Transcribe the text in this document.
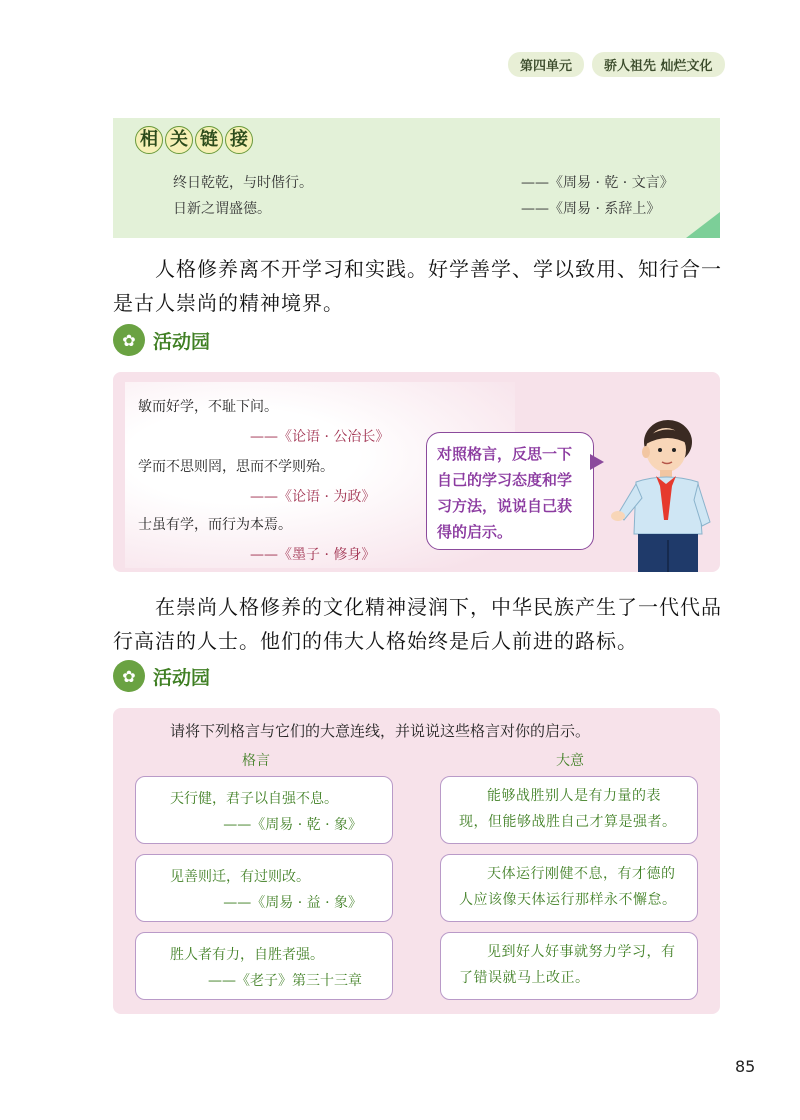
第四单元	骄人祖先 灿烂文化
相 关 链 接
终日乾乾，与时偕行。	——《周易 · 乾 · 文言》
日新之谓盛德。	——《周易 · 系辞上》
人格修养离不开学习和实践。好学善学、学以致用、知行合一是古人崇尚的精神境界。
✿ 活动园
敏而好学，不耻下问。
——《论语 · 公冶长》
学而不思则罔，思而不学则殆。
——《论语 · 为政》
士虽有学，而行为本焉。
——《墨子 · 修身》
对照格言，反思一下自己的学习态度和学习方法，说说自己获得的启示。
在崇尚人格修养的文化精神浸润下，中华民族产生了一代代品行高洁的人士。他们的伟大人格始终是后人前进的路标。
✿ 活动园
请将下列格言与它们的大意连线，并说说这些格言对你的启示。
格言	大意
天行健，君子以自强不息。
——《周易 · 乾 · 象》
见善则迁，有过则改。
——《周易 · 益 · 象》
胜人者有力，自胜者强。
——《老子》第三十三章
能够战胜别人是有力量的表现，但能够战胜自己才算是强者。
天体运行刚健不息，有才德的人应该像天体运行那样永不懈怠。
见到好人好事就努力学习，有了错误就马上改正。
85
